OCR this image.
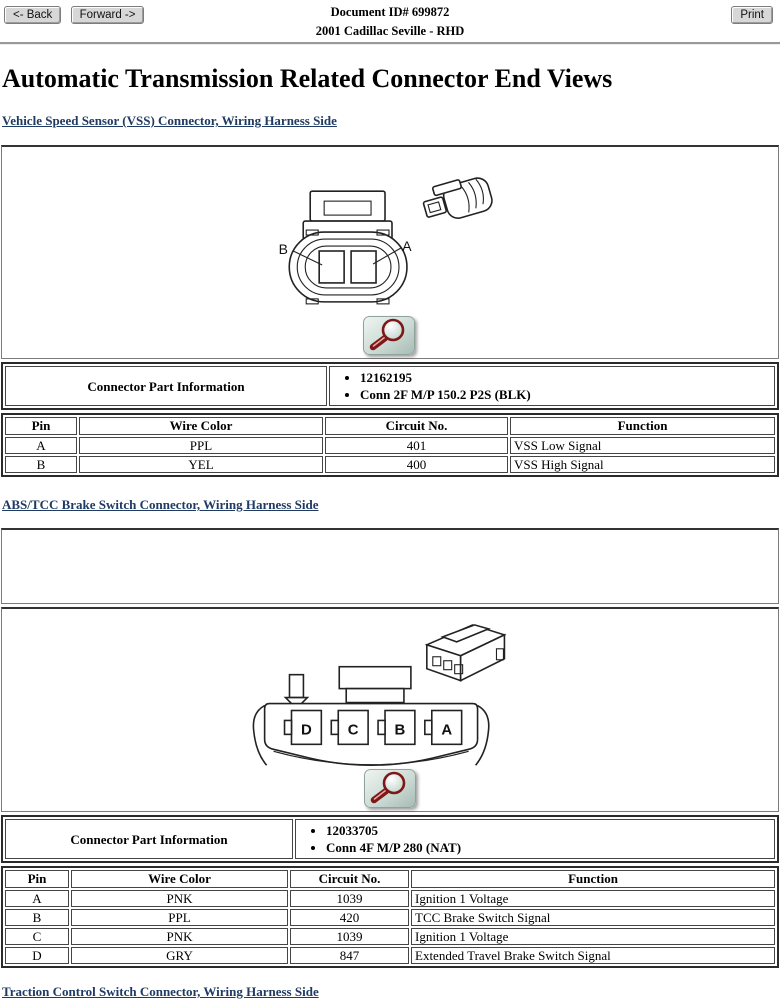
<- Back Forward ->	Document ID# 699872
2001 Cadillac Seville - RHD
Print
Automatic Transmission Related Connector End Views
Vehicle Speed Sensor (VSS) Connector, Wiring Harness Side
B	A
Connector Part Information	
• 12162195
• Conn 2F M/P 150.2 P2S (BLK)
Pin	Wire Color	Circuit No.	Function
A	PPL	401	VSS Low Signal
B	YEL	400	VSS High Signal
ABS/TCC Brake Switch Connector, Wiring Harness Side
D C B A
Connector Part Information	
• 12033705
• Conn 4F M/P 280 (NAT)
Pin	Wire Color	Circuit No.	Function
A	PNK	1039	Ignition 1 Voltage
B	PPL	420	TCC Brake Switch Signal
C	PNK	1039	Ignition 1 Voltage
D	GRY	847	Extended Travel Brake Switch Signal
Traction Control Switch Connector, Wiring Harness Side
